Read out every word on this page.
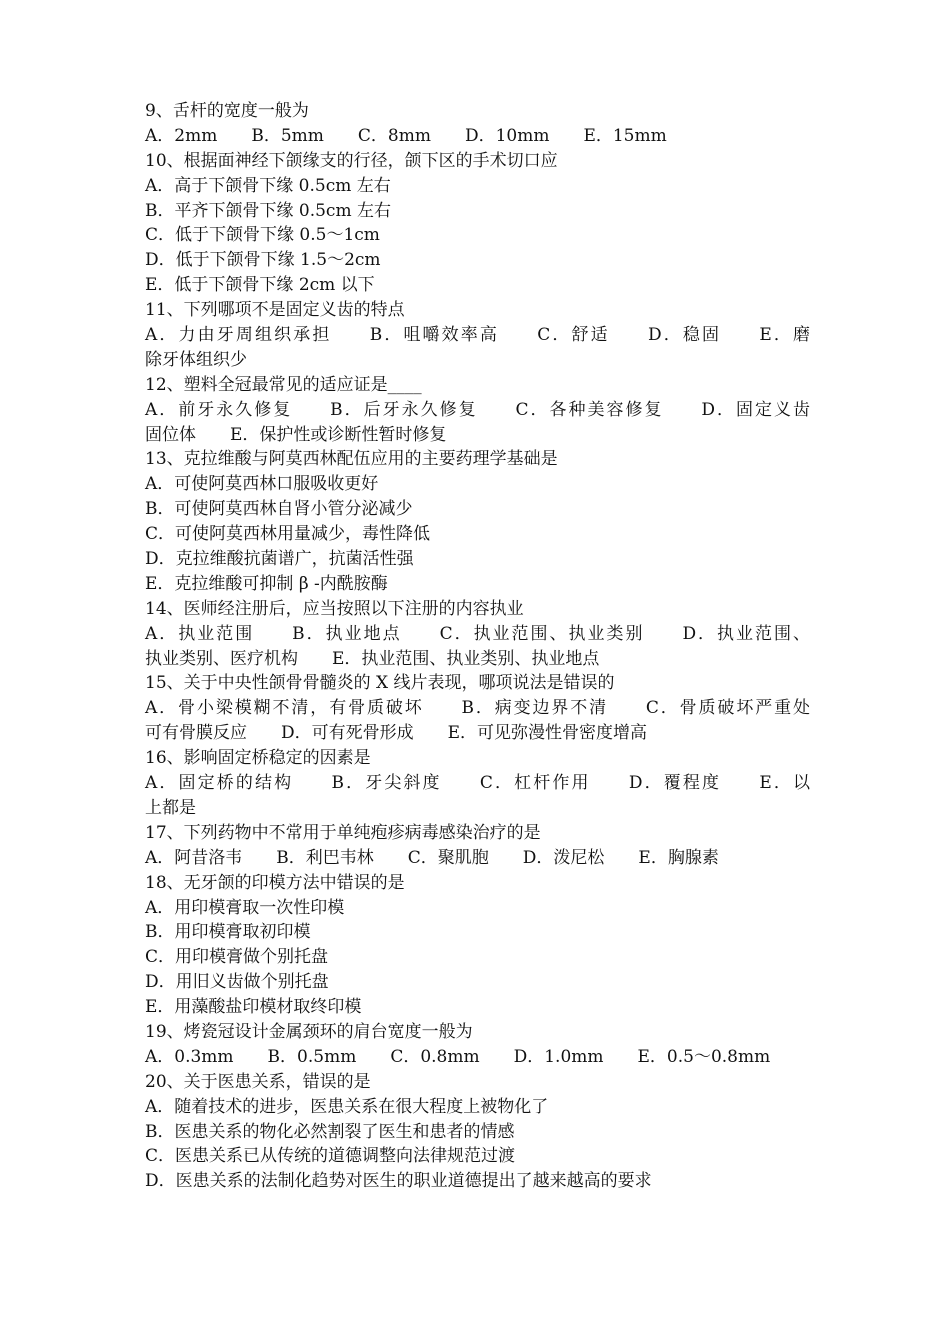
9、舌杆的宽度一般为
A．2mm　　B．5mm　　C．8mm　　D．10mm　　E．15mm
10、根据面神经下颌缘支的行径，颌下区的手术切口应
A．高于下颌骨下缘 0.5cm 左右
B．平齐下颌骨下缘 0.5cm 左右
C．低于下颌骨下缘 0.5～1cm
D．低于下颌骨下缘 1.5～2cm
E．低于下颌骨下缘 2cm 以下
11、下列哪项不是固定义齿的特点
A．力由牙周组织承担　　B．咀嚼效率高　　C．舒适　　D．稳固　　E．磨
除牙体组织少
12、塑料全冠最常见的适应证是____
A．前牙永久修复　　B．后牙永久修复　　C．各种美容修复　　D．固定义齿
固位体　　E．保护性或诊断性暂时修复
13、克拉维酸与阿莫西林配伍应用的主要药理学基础是
A．可使阿莫西林口服吸收更好
B．可使阿莫西林自肾小管分泌减少
C．可使阿莫西林用量减少，毒性降低
D．克拉维酸抗菌谱广，抗菌活性强
E．克拉维酸可抑制 β -内酰胺酶
14、医师经注册后，应当按照以下注册的内容执业
A．执业范围　　B．执业地点　　C．执业范围、执业类别　　D．执业范围、
执业类别、医疗机构　　E．执业范围、执业类别、执业地点
15、关于中央性颌骨骨髓炎的 X 线片表现，哪项说法是错误的
A．骨小梁模糊不清，有骨质破坏　　B．病变边界不清　　C．骨质破坏严重处
可有骨膜反应　　D．可有死骨形成　　E．可见弥漫性骨密度增高
16、影响固定桥稳定的因素是
A．固定桥的结构　　B．牙尖斜度　　C．杠杆作用　　D．覆程度　　E．以
上都是
17、下列药物中不常用于单纯疱疹病毒感染治疗的是
A．阿昔洛韦　　B．利巴韦林　　C．聚肌胞　　D．泼尼松　　E．胸腺素
18、无牙颌的印模方法中错误的是
A．用印模膏取一次性印模
B．用印模膏取初印模
C．用印模膏做个别托盘
D．用旧义齿做个别托盘
E．用藻酸盐印模材取终印模
19、烤瓷冠设计金属颈环的肩台宽度一般为
A．0.3mm　　B．0.5mm　　C．0.8mm　　D．1.0mm　　E．0.5～0.8mm
20、关于医患关系，错误的是
A．随着技术的进步，医患关系在很大程度上被物化了
B．医患关系的物化必然割裂了医生和患者的情感
C．医患关系已从传统的道德调整向法律规范过渡
D．医患关系的法制化趋势对医生的职业道德提出了越来越高的要求
